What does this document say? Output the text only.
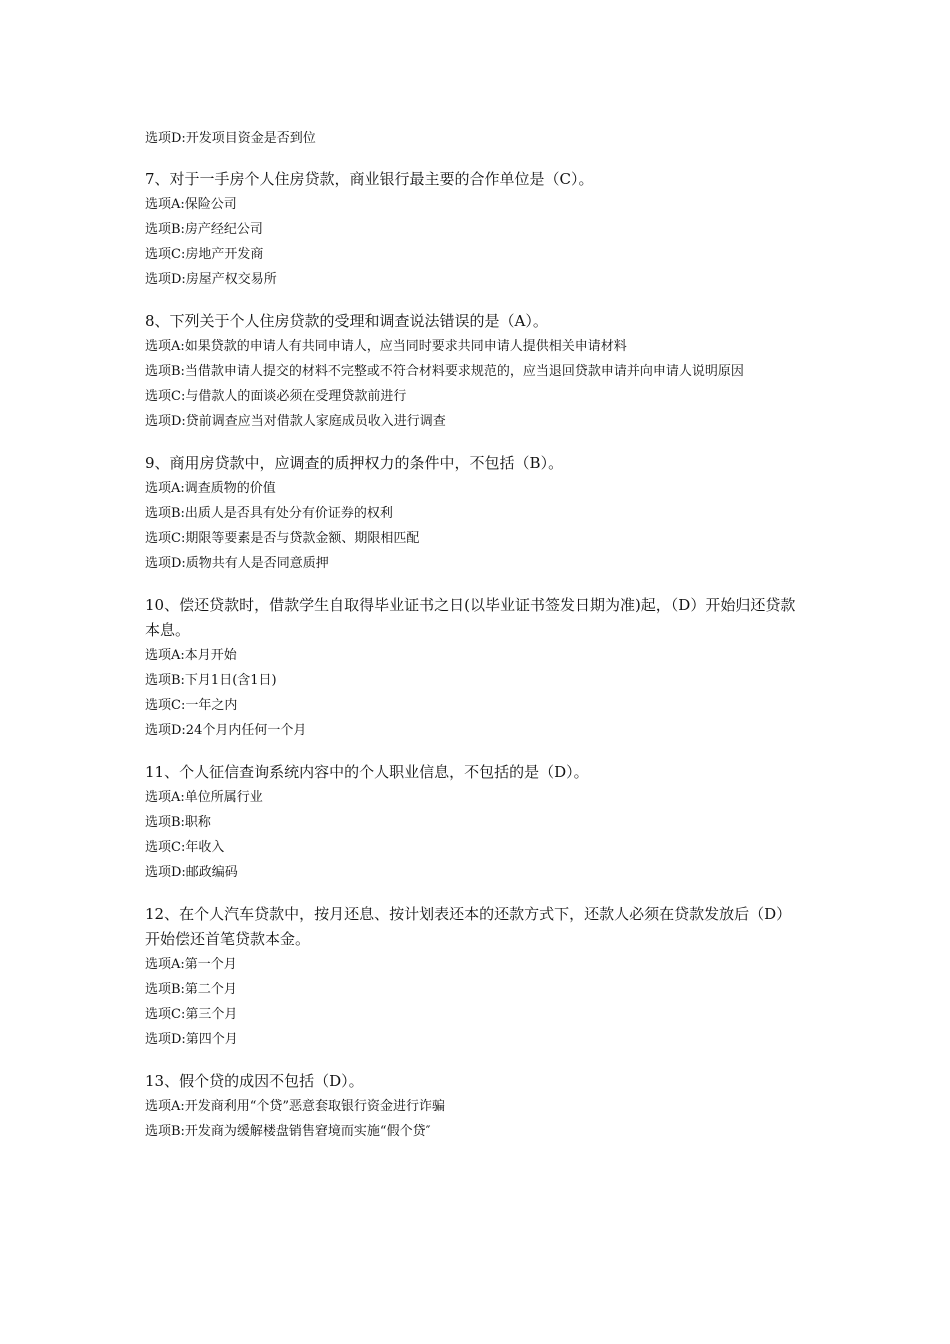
选项D:开发项目资金是否到位
7、对于一手房个人住房贷款，商业银行最主要的合作单位是（C）。
选项A:保险公司
选项B:房产经纪公司
选项C:房地产开发商
选项D:房屋产权交易所
8、下列关于个人住房贷款的受理和调查说法错误的是（A）。
选项A:如果贷款的申请人有共同申请人，应当同时要求共同申请人提供相关申请材料
选项B:当借款申请人提交的材料不完整或不符合材料要求规范的，应当退回贷款申请并向申请人说明原因
选项C:与借款人的面谈必须在受理贷款前进行
选项D:贷前调查应当对借款人家庭成员收入进行调查
9、商用房贷款中，应调查的质押权力的条件中，不包括（B）。
选项A:调查质物的价值
选项B:出质人是否具有处分有价证券的权利
选项C:期限等要素是否与贷款金额、期限相匹配
选项D:质物共有人是否同意质押
10、偿还贷款时，借款学生自取得毕业证书之日(以毕业证书签发日期为准)起，（D）开始归还贷款本息。
选项A:本月开始
选项B:下月1日(含1日)
选项C:一年之内
选项D:24个月内任何一个月
11、个人征信查询系统内容中的个人职业信息，不包括的是（D）。
选项A:单位所属行业
选项B:职称
选项C:年收入
选项D:邮政编码
12、在个人汽车贷款中，按月还息、按计划表还本的还款方式下，还款人必须在贷款发放后（D）开始偿还首笔贷款本金。
选项A:第一个月
选项B:第二个月
选项C:第三个月
选项D:第四个月
13、假个贷的成因不包括（D）。
选项A:开发商利用“个贷”恶意套取银行资金进行诈骗
选项B:开发商为缓解楼盘销售窘境而实施“假个贷″
